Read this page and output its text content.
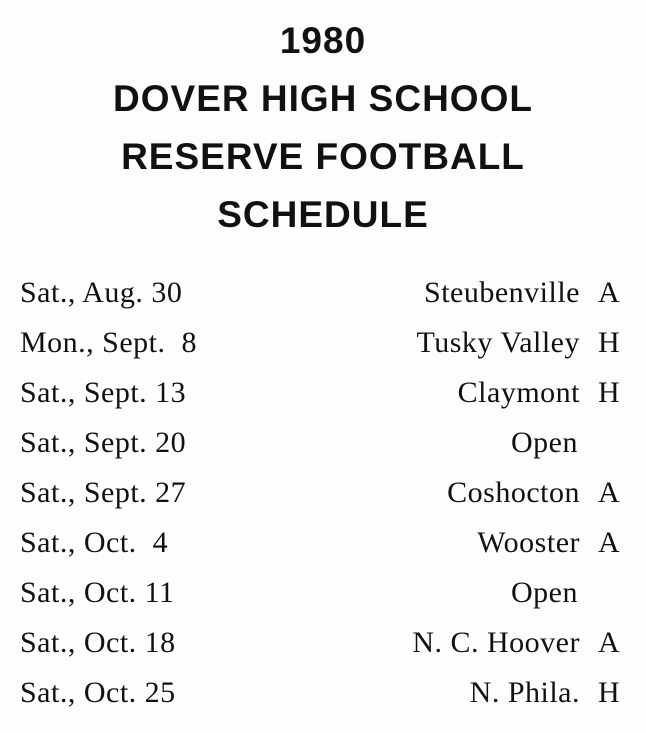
1980
DOVER HIGH SCHOOL
RESERVE FOOTBALL
SCHEDULE
Sat., Aug. 30	Steubenville A
Mon., Sept.  8	Tusky Valley H
Sat., Sept. 13	Claymont H
Sat., Sept. 20	Open
Sat., Sept. 27	Coshocton A
Sat., Oct.  4	Wooster A
Sat., Oct. 11	Open
Sat., Oct. 18	N. C. Hoover A
Sat., Oct. 25	N. Phila. H
